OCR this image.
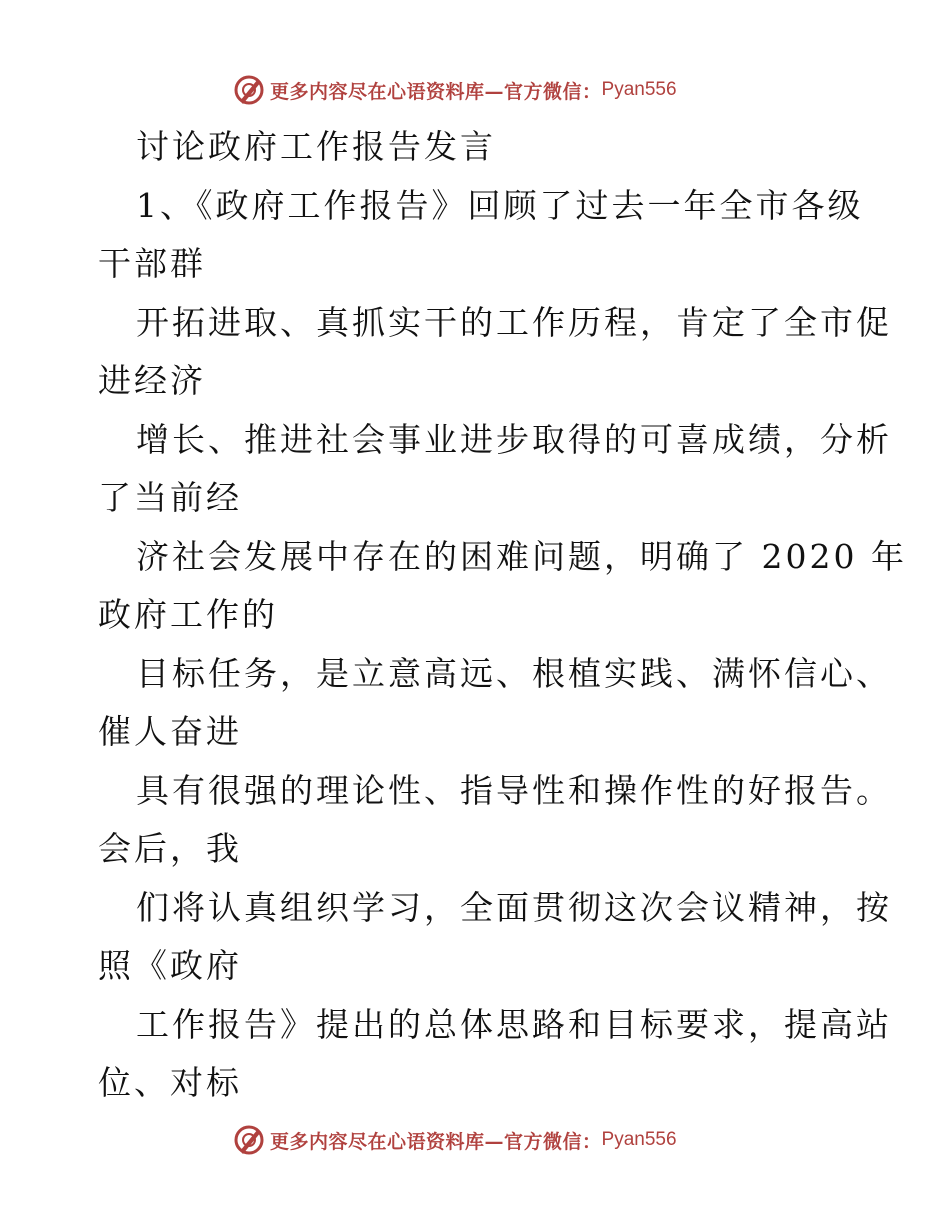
更多内容尽在心语资料库—官方微信： Pyan556
讨论政府工作报告发言
1、《政府工作报告》回顾了过去一年全市各级
干部群
开拓进取、真抓实干的工作历程，肯定了全市促
进经济
增长、推进社会事业进步取得的可喜成绩，分析
了当前经
济社会发展中存在的困难问题，明确了 2020 年
政府工作的
目标任务，是立意高远、根植实践、满怀信心、
催人奋进
具有很强的理论性、指导性和操作性的好报告。
会后，我
们将认真组织学习，全面贯彻这次会议精神，按
照《政府
工作报告》提出的总体思路和目标要求，提高站
位、对标
更多内容尽在心语资料库—官方微信： Pyan556
